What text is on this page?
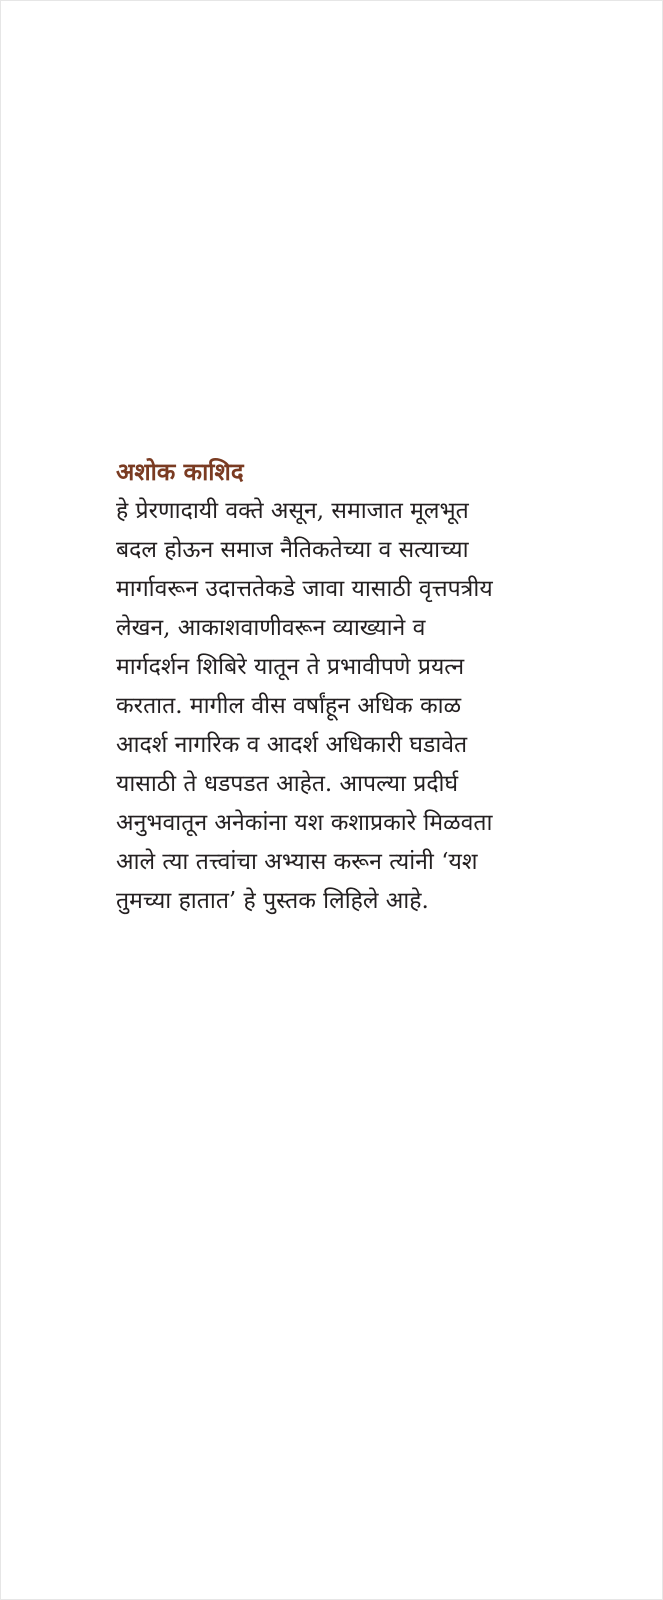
अशोक काशिद
हे प्रेरणादायी वक्ते असून, समाजात मूलभूत
बदल होऊन समाज नैतिकतेच्या व सत्याच्या
मार्गावरून उदात्ततेकडे जावा यासाठी वृत्तपत्रीय
लेखन, आकाशवाणीवरून व्याख्याने व
मार्गदर्शन शिबिरे यातून ते प्रभावीपणे प्रयत्न
करतात. मागील वीस वर्षांहून अधिक काळ
आदर्श नागरिक व आदर्श अधिकारी घडावेत
यासाठी ते धडपडत आहेत. आपल्या प्रदीर्घ
अनुभवातून अनेकांना यश कशाप्रकारे मिळवता
आले त्या तत्त्वांचा अभ्यास करून त्यांनी ‘यश
तुमच्या हातात’ हे पुस्तक लिहिले आहे.
